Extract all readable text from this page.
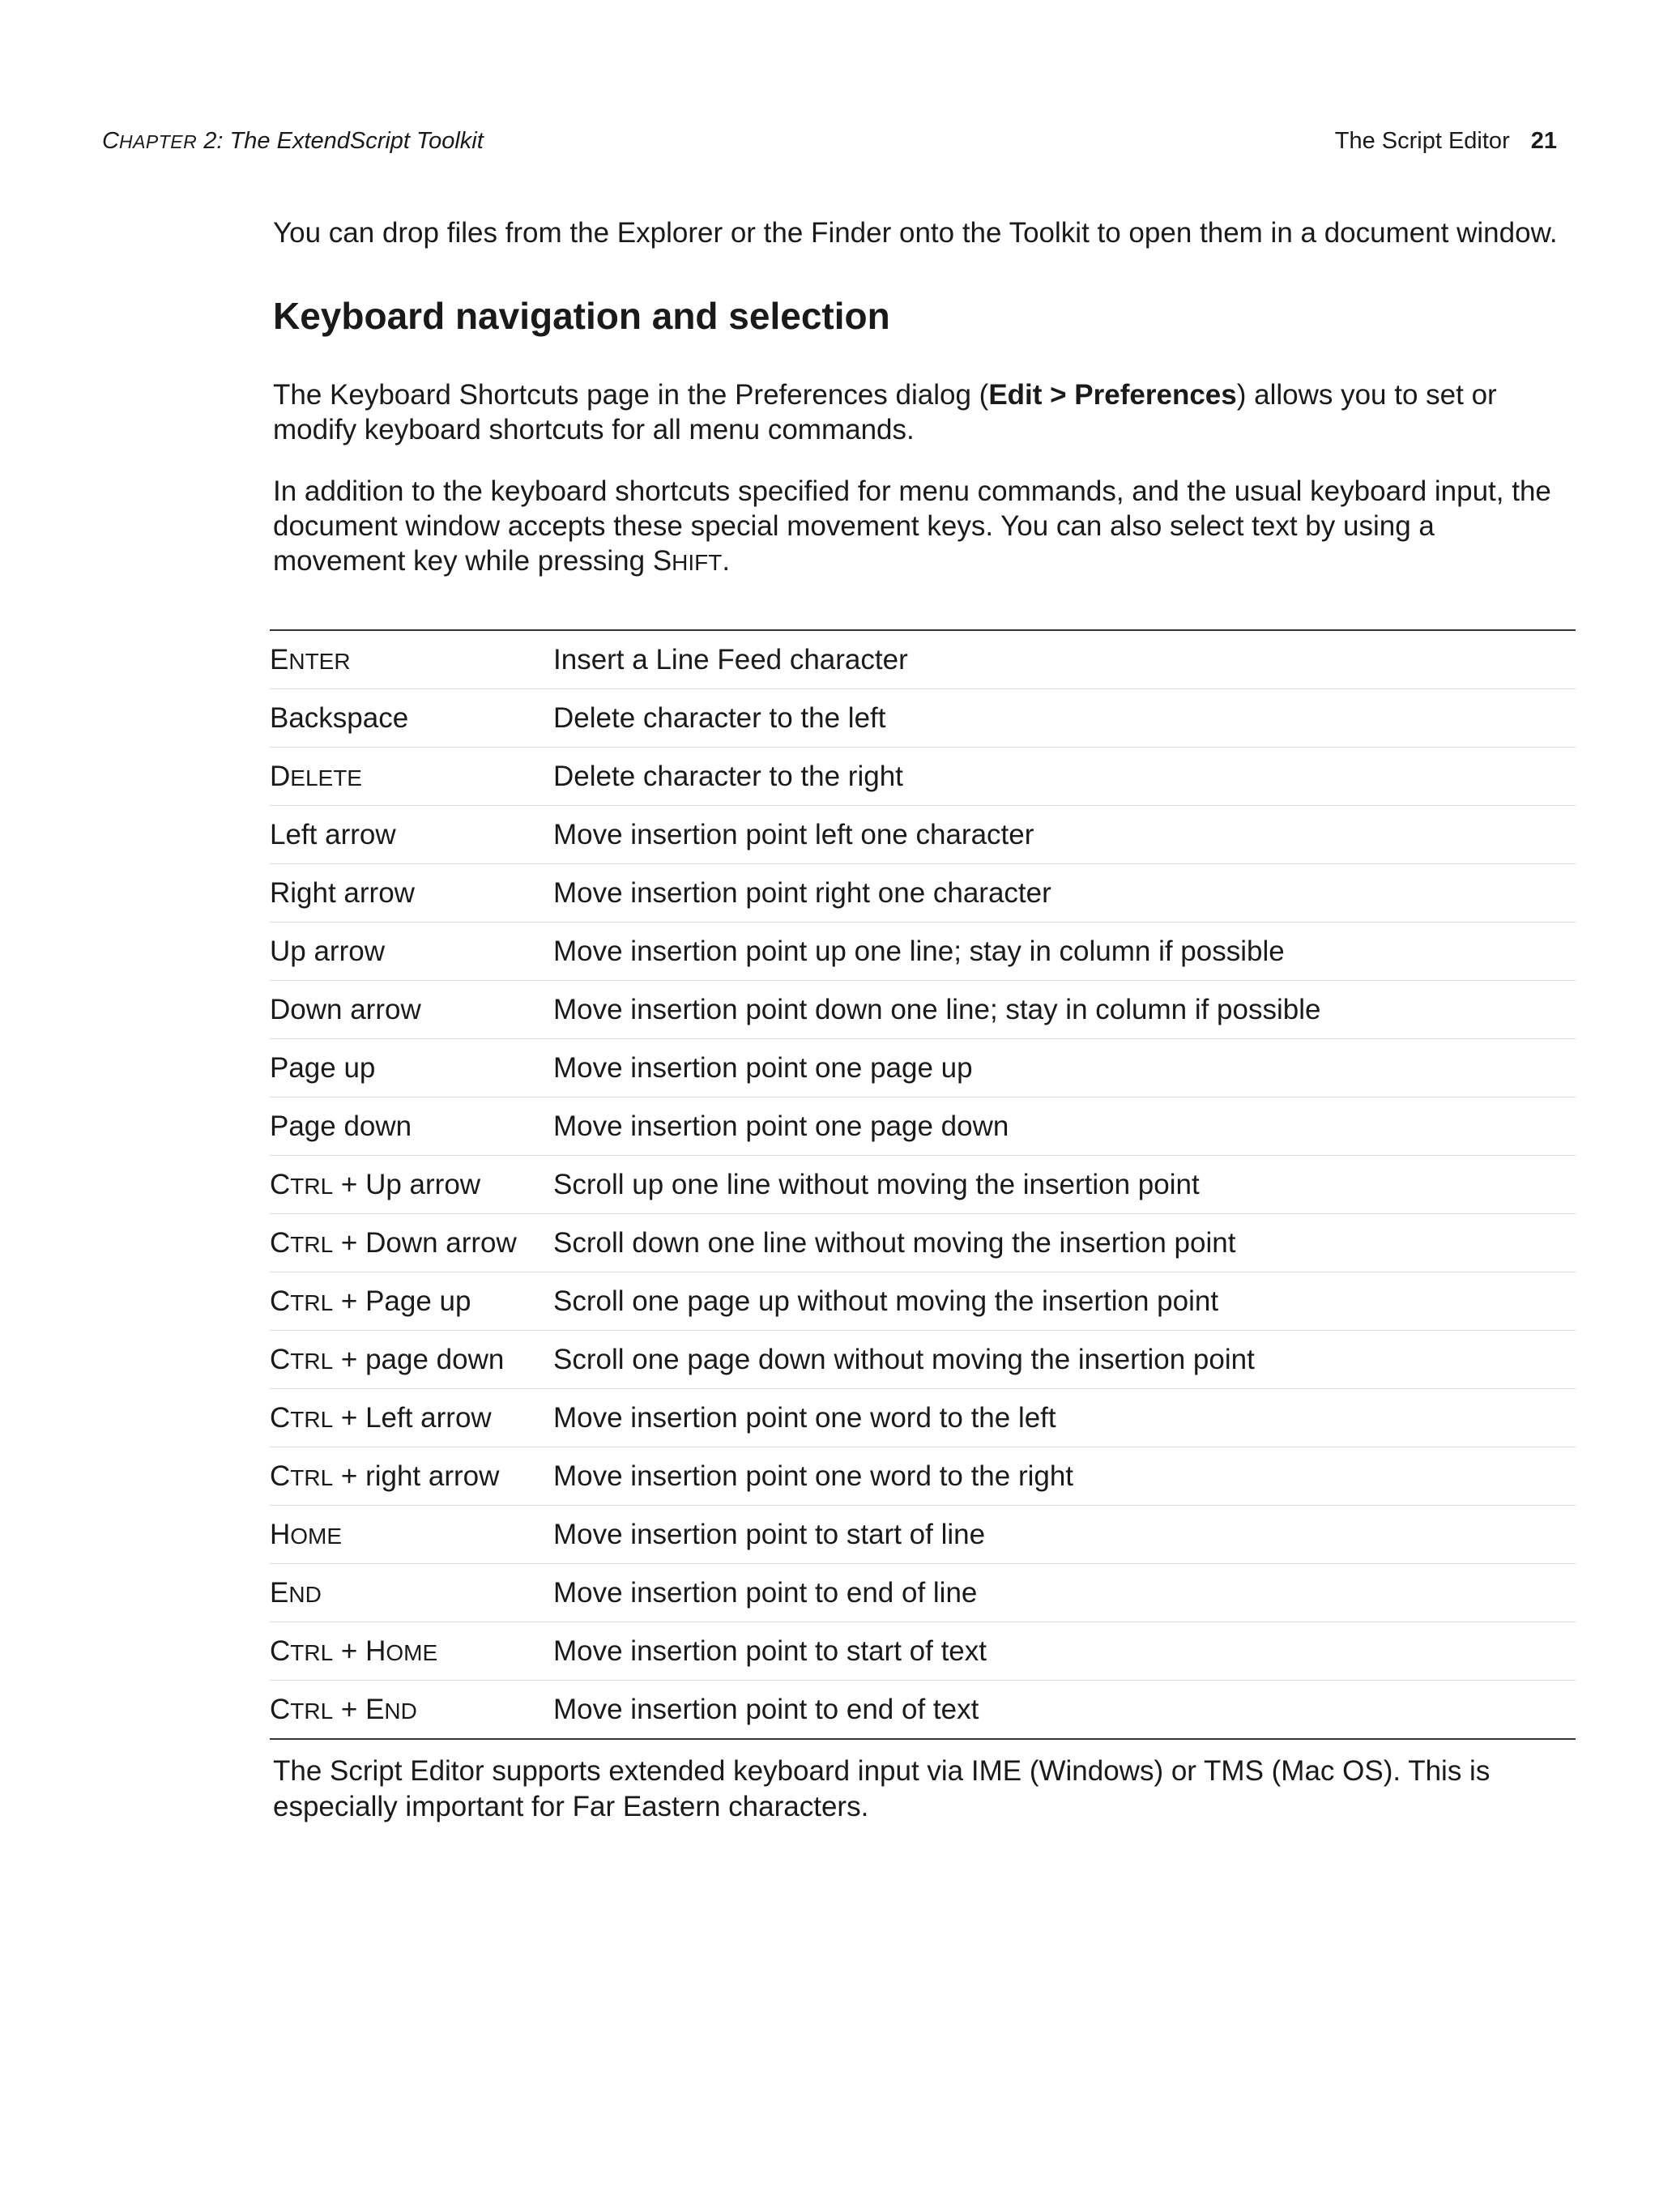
CHAPTER 2: The ExtendScript Toolkit	The Script Editor 21

You can drop files from the Explorer or the Finder onto the Toolkit to open them in a document window.

Keyboard navigation and selection

The Keyboard Shortcuts page in the Preferences dialog (Edit > Preferences) allows you to set or modify keyboard shortcuts for all menu commands.

In addition to the keyboard shortcuts specified for menu commands, and the usual keyboard input, the document window accepts these special movement keys. You can also select text by using a movement key while pressing SHIFT.

ENTER	Insert a Line Feed character
Backspace	Delete character to the left
DELETE	Delete character to the right
Left arrow	Move insertion point left one character
Right arrow	Move insertion point right one character
Up arrow	Move insertion point up one line; stay in column if possible
Down arrow	Move insertion point down one line; stay in column if possible
Page up	Move insertion point one page up
Page down	Move insertion point one page down
CTRL + Up arrow	Scroll up one line without moving the insertion point
CTRL + Down arrow	Scroll down one line without moving the insertion point
CTRL + Page up	Scroll one page up without moving the insertion point
CTRL + page down	Scroll one page down without moving the insertion point
CTRL + Left arrow	Move insertion point one word to the left
CTRL + right arrow	Move insertion point one word to the right
HOME	Move insertion point to start of line
END	Move insertion point to end of line
CTRL + HOME	Move insertion point to start of text
CTRL + END	Move insertion point to end of text

The Script Editor supports extended keyboard input via IME (Windows) or TMS (Mac OS). This is especially important for Far Eastern characters.
